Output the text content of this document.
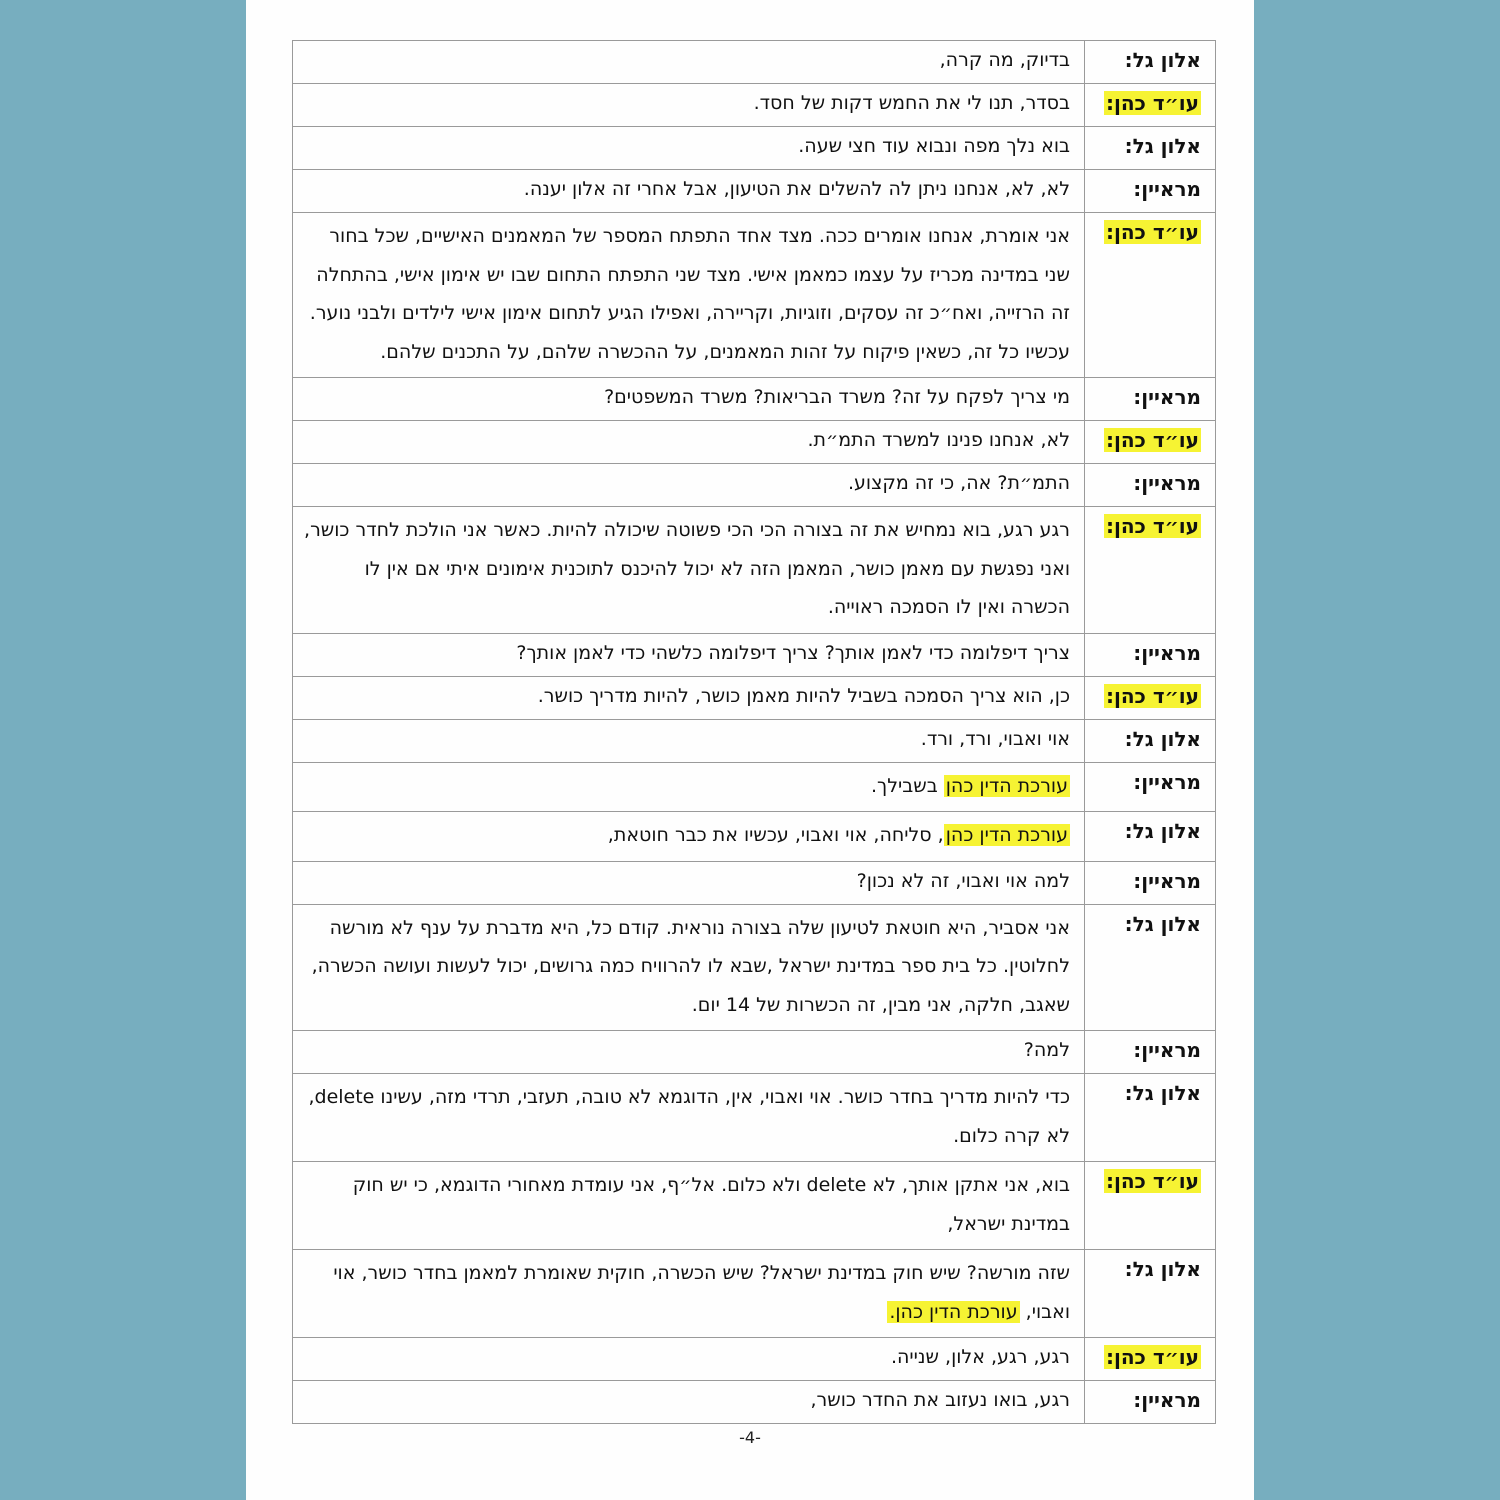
אלון גל:	בדיוק, מה קרה,
עו״ד כהן:	בסדר, תנו לי את החמש דקות של חסד.
אלון גל:	בוא נלך מפה ונבוא עוד חצי שעה.
מראיין:	לא, לא, אנחנו ניתן לה להשלים את הטיעון, אבל אחרי זה אלון יענה.
עו״ד כהן:	אני אומרת, אנחנו אומרים ככה. מצד אחד התפתח המספר של המאמנים האישיים, שכל בחור שני במדינה מכריז על עצמו כמאמן אישי. מצד שני התפתח התחום שבו יש אימון אישי, בהתחלה זה הרזייה, ואח״כ זה עסקים, וזוגיות, וקריירה, ואפילו הגיע לתחום אימון אישי לילדים ולבני נוער. עכשיו כל זה, כשאין פיקוח על זהות המאמנים, על ההכשרה שלהם, על התכנים שלהם.
מראיין:	מי צריך לפקח על זה? משרד הבריאות? משרד המשפטים?
עו״ד כהן:	לא, אנחנו פנינו למשרד התמ״ת.
מראיין:	התמ״ת? אה, כי זה מקצוע.
עו״ד כהן:	רגע רגע, בוא נמחיש את זה בצורה הכי הכי פשוטה שיכולה להיות. כאשר אני הולכת לחדר כושר, ואני נפגשת עם מאמן כושר, המאמן הזה לא יכול להיכנס לתוכנית אימונים איתי אם אין לו הכשרה ואין לו הסמכה ראוייה.
מראיין:	צריך דיפלומה כדי לאמן אותך? צריך דיפלומה כלשהי כדי לאמן אותך?
עו״ד כהן:	כן, הוא צריך הסמכה בשביל להיות מאמן כושר, להיות מדריך כושר.
אלון גל:	אוי ואבוי, ורד, ורד.
מראיין:	עורכת הדין כהן בשבילך.
אלון גל:	עורכת הדין כהן, סליחה, אוי ואבוי, עכשיו את כבר חוטאת,
מראיין:	למה אוי ואבוי, זה לא נכון?
אלון גל:	אני אסביר, היא חוטאת לטיעון שלה בצורה נוראית. קודם כל, היא מדברת על ענף לא מורשה לחלוטין. כל בית ספר במדינת ישראל ,שבא לו להרוויח כמה גרושים, יכול לעשות ועושה הכשרה, שאגב, חלקה, אני מבין, זה הכשרות של 14 יום.
מראיין:	למה?
אלון גל:	כדי להיות מדריך בחדר כושר. אוי ואבוי, אין, הדוגמא לא טובה, תעזבי, תרדי מזה, עשינו delete, לא קרה כלום.
עו״ד כהן:	בוא, אני אתקן אותך, לא delete ולא כלום. אל״ף, אני עומדת מאחורי הדוגמא, כי יש חוק במדינת ישראל,
אלון גל:	שזה מורשה? שיש חוק במדינת ישראל? שיש הכשרה, חוקית שאומרת למאמן בחדר כושר, אוי ואבוי, עורכת הדין כהן.
עו״ד כהן:	רגע, רגע, אלון, שנייה.
מראיין:	רגע, בואו נעזוב את החדר כושר,
-4-
